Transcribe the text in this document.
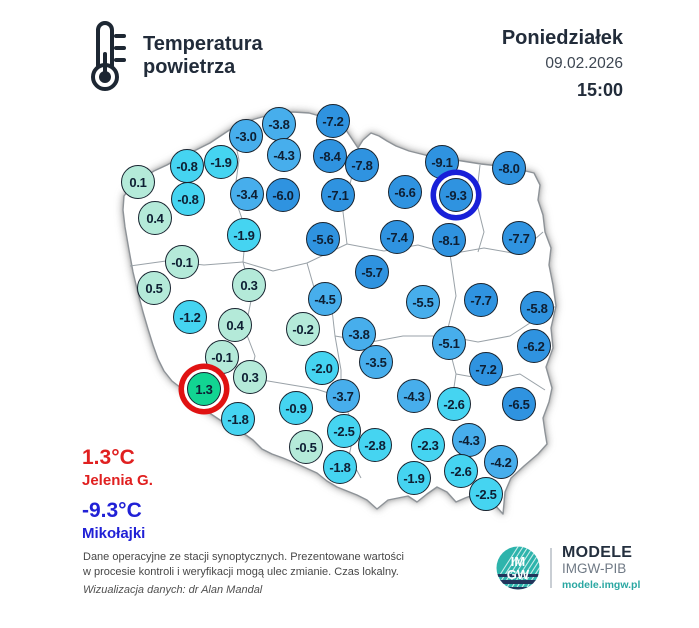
Temperatura
powietrza
Poniedziałek
09.02.2026
15:00
0.1
-0.8 -1.9
-3.0
-3.8	-7.2
-4.3	-8.4
-7.8	-9.1	-8.0
-0.8	-3.4	-6.0	-7.1	-6.6	-9.3
0.4
-1.9	-5.6	-7.4	-8.1	-7.7
-0.1
-5.7
0.5	0.3
-4.5	-5.5	-7.7
-5.8
-1.2
0.4	-0.2	-3.8
-5.1	-6.2
-0.1	-3.5
-2.0	-7.2
0.3
1.3	-3.7	-4.3
-0.9	-2.6	-6.5
-1.8
-2.5
-0.5	-2.8	-2.3	-4.3
-1.8
-1.9	-2.6
-4.2
-2.5
1.3°C
Jelenia G.
-9.3°C
Mikołajki
Dane operacyjne ze stacji synoptycznych. Prezentowane wartości
w procesie kontroli i weryfikacji mogą ulec zmianie. Czas lokalny.
Wizualizacja danych: dr Alan Mandal
IM
GW
MODELE
IMGW-PIB
modele.imgw.pl
